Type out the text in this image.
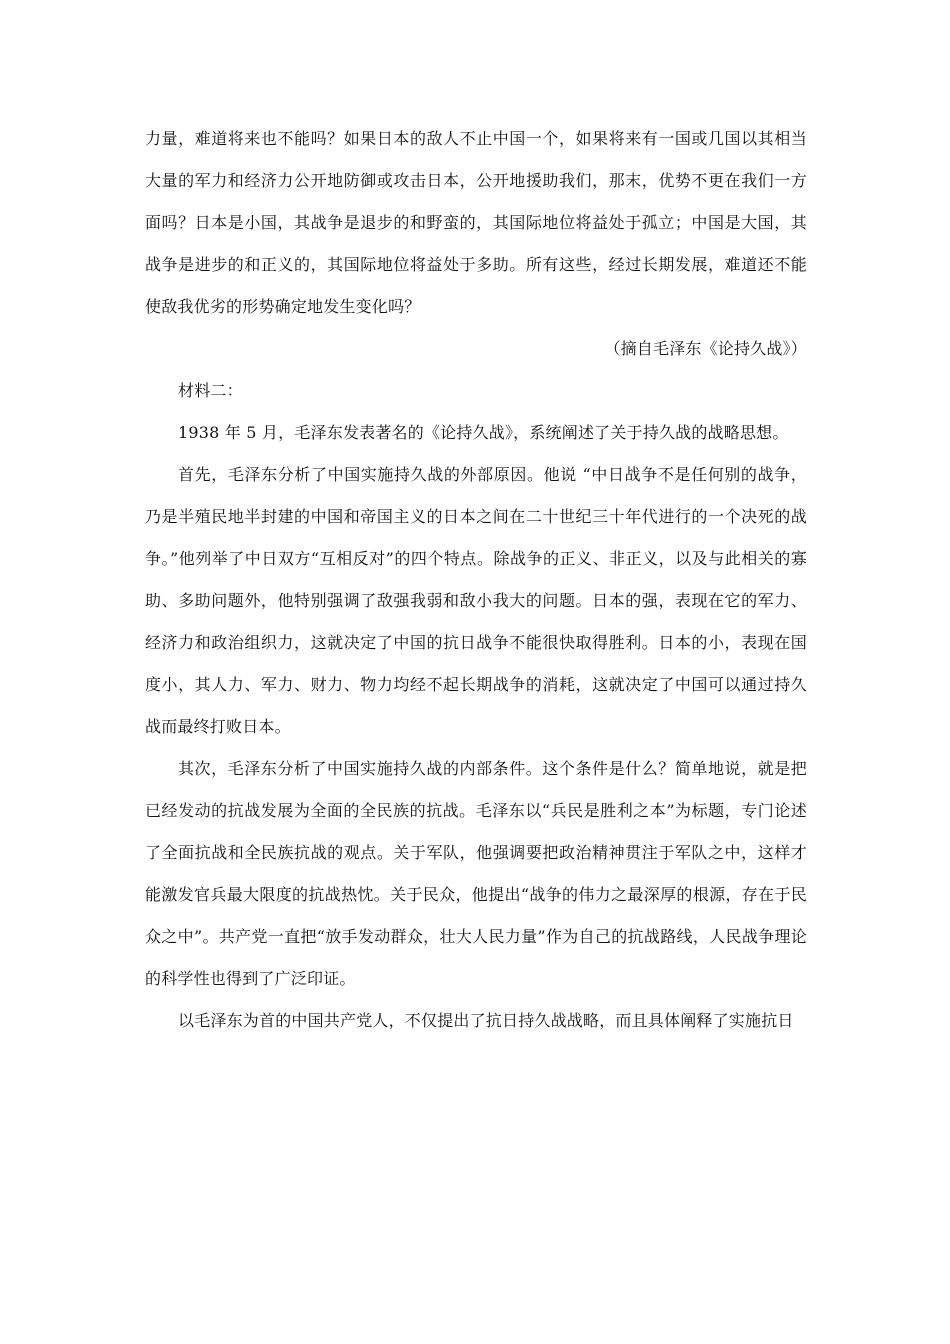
力量，难道将来也不能吗？如果日本的敌人不止中国一个，如果将来有一国或几国以其相当大量的军力和经济力公开地防御或攻击日本，公开地援助我们，那末，优势不更在我们一方面吗？日本是小国，其战争是退步的和野蛮的，其国际地位将益处于孤立；中国是大国，其战争是进步的和正义的，其国际地位将益处于多助。所有这些，经过长期发展，难道还不能使敌我优劣的形势确定地发生变化吗？

（摘自毛泽东《论持久战》）

材料二：

1938 年 5 月，毛泽东发表著名的《论持久战》，系统阐述了关于持久战的战略思想。

首先，毛泽东分析了中国实施持久战的外部原因。他说 “中日战争不是任何别的战争，乃是半殖民地半封建的中国和帝国主义的日本之间在二十世纪三十年代进行的一个决死的战争。”他列举了中日双方“互相反对”的四个特点。除战争的正义、非正义，以及与此相关的寡助、多助问题外，他特别强调了敌强我弱和敌小我大的问题。日本的强，表现在它的军力、经济力和政治组织力，这就决定了中国的抗日战争不能很快取得胜利。日本的小，表现在国度小，其人力、军力、财力、物力均经不起长期战争的消耗，这就决定了中国可以通过持久战而最终打败日本。

其次，毛泽东分析了中国实施持久战的内部条件。这个条件是什么？简单地说，就是把已经发动的抗战发展为全面的全民族的抗战。毛泽东以“兵民是胜利之本”为标题，专门论述了全面抗战和全民族抗战的观点。关于军队，他强调要把政治精神贯注于军队之中，这样才能激发官兵最大限度的抗战热忱。关于民众，他提出“战争的伟力之最深厚的根源，存在于民众之中”。共产党一直把“放手发动群众，壮大人民力量”作为自己的抗战路线，人民战争理论的科学性也得到了广泛印证。

以毛泽东为首的中国共产党人，不仅提出了抗日持久战战略，而且具体阐释了实施抗日
